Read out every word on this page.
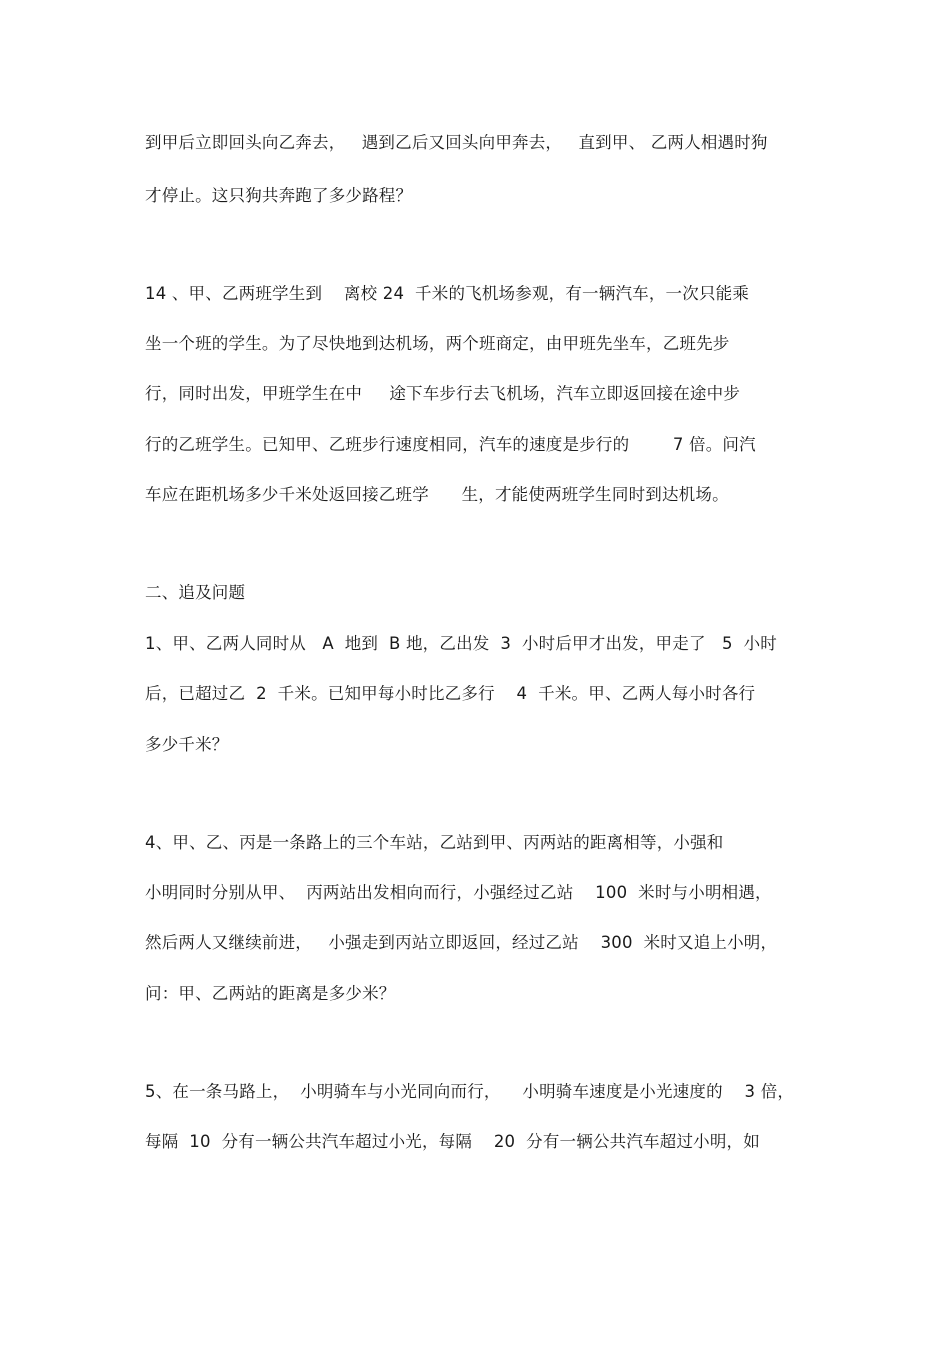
到甲后立即回头向乙奔去，   遇到乙后又回头向甲奔去，   直到甲、 乙两人相遇时狗
才停止。这只狗共奔跑了多少路程？
14 、甲、乙两班学生到    离校 24  千米的飞机场参观，有一辆汽车，一次只能乘
坐一个班的学生。为了尽快地到达机场，两个班商定，由甲班先坐车，乙班先步
行，同时出发，甲班学生在中     途下车步行去飞机场，汽车立即返回接在途中步
行的乙班学生。已知甲、乙班步行速度相同，汽车的速度是步行的        7 倍。问汽
车应在距机场多少千米处返回接乙班学      生，才能使两班学生同时到达机场。
二、追及问题
1、甲、乙两人同时从   A  地到  B 地，乙出发  3  小时后甲才出发，甲走了   5  小时
后，已超过乙  2  千米。已知甲每小时比乙多行    4  千米。甲、乙两人每小时各行
多少千米？
4、甲、乙、丙是一条路上的三个车站，乙站到甲、丙两站的距离相等，小强和
小明同时分别从甲、  丙两站出发相向而行，小强经过乙站    100  米时与小明相遇，
然后两人又继续前进，   小强走到丙站立即返回，经过乙站    300  米时又追上小明，
问：甲、乙两站的距离是多少米？
5、在一条马路上，  小明骑车与小光同向而行，    小明骑车速度是小光速度的    3 倍，
每隔  10  分有一辆公共汽车超过小光，每隔    20  分有一辆公共汽车超过小明，如
